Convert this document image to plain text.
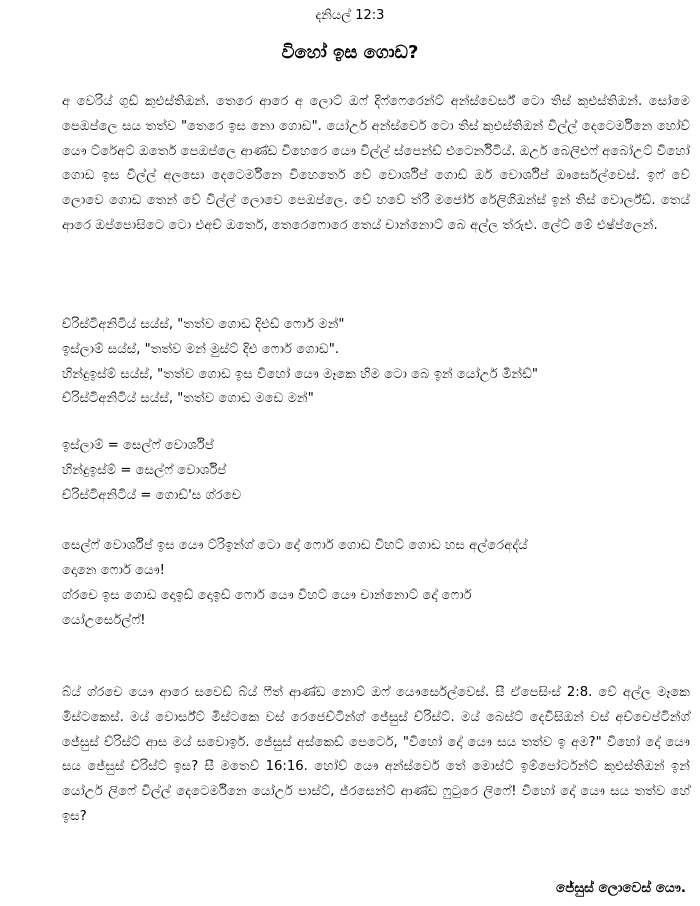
දනියල් 12:3
විහෝ ඉස ගොඩ?
අ වෙරිය් ගුඩ් කුඑස්තිඔන්. තෙරෙ ආරෙ අ ලොට් ඔෆ් දිෆ්ෆෙරෙන්ට් අන්ස්වෙර්ස් ටො තිස් කුඑස්තිඔන්. සෝමෙ පෙඔප්ලෙ සය තත්ව "තෙරෙ ඉස නො ගොඩ". යෝඋර් අන්ස්වෙර් ටො තිස් කුඑස්තිඔන් විල්ල් දෙටෙර්මිනෙ හෝව් යෞ ට්රේඅට් ඔතෙර් පෙඔප්ලෙ ආණ්ඩ විහෙරෙ යෞ විල්ල් ස්පෙන්ඩ් එටෙර්නිටිය්. ඔඋර් බෙලිඑෆ් අබෝඋට් විහෝ ගොඩ ඉස විල්ල් අලසො දෙටෙර්මිනෙ විහෙතෙර් වේ වොර්ශිප් ගොඩ් ඔර් වොර්ශිප් ඖර්සෙල්වෙස්. ඉෆ් වේ ලොවෙ ගොඩ තෙන් වේ විල්ල් ලොවෙ පෙඔප්ලෙ. වේ හවේ ත්රී මජෝර් රේලිගිඔන්ස් ඉන් තිස් වොර්ල්ඩ්. තෙය් ආරෙ ඔප්පොසිටෙ ටො එඅච් ඔතෙර්, තෙරෙෆොරෙ තෙය් චාන්නොට් බෙ අල්ල ත්රුඑ. ලේට් මේ එෂ්ප්ලෙන්.
ච්රිස්ටිඅනිටිය් සය්ස්, "තත්ව ගොඩ දිඑඩ් ෆොර් මන්"
ඉස්ලාම් සය්ස්, "තත්ව මන් මුස්ට් දිඑ ෆොර් ගොඩ".
හින්දුඉස්ම් සය්ස්, "තත්ව ගොඩ ඉස විහෝ යෞ මෑකෙ හිම ටො බෙ ඉන් යෝඋර් මින්ඩ්"
ච්රිස්ටිඅනිටිය් සය්ස්, "තත්ව ගොඩ මඩෙ මන්"
ඉස්ලාම් = සෙල්ෆ් වොර්ශිප්
හින්දුඉස්ම් = සෙල්ෆ් වොර්ශිප්
ච්රිස්ටිඅනිටිය් = ගොඩ්'ස ග්රචෙ
සෙල්ෆ් වොර්ශිප් ඉස යෞ ට්රිඉන්ග් ටො දෝ ෆොර් ගොඩ විහට් ගොඩ හස අල්රෙඅද්ය්
දොනෙ ෆොර් යෞ!
ග්රචෙ ඉස ගොඩ දොඉඩ් දොඉඩ් ෆොර් යෞ විහට් යෞ චාන්නොට් දෝ ෆොර්
යෝඋර්සෙල්ෆ්!
බ්ය් ග්රචෙ යෞ ආරෙ සවෙඩ් බ්ය් ෆීත් ආණ්ඩ නොට් ඔෆ් යෞර්සෙල්වෙස්. සී ඒපෙසිංස් 2:8. වේ අල්ල මෑකෙ මිස්ටකෙස්. මය් වොර්ස්ට් මිස්ටකෙ වස් රෙජෙච්ටින්ග් ජේසුස් ච්රිස්ට්. මය් බෙස්ට් දෙවිසිඔන් වස් අච්චෙප්ටින්ග් ජේසුස් ච්රිස්ට් ආස මය් සවොඉර්. ජේසුස් අස්කෙඩ් පෙටෙර්, "විහෝ දෝ යෞ සය තත්ව ඉ අම?" විහෝ දෝ යෞ සය ජේසුස් ච්රිස්ට් ඉස? සී මතෙව් 16:16. හෝව් යෞ අන්ස්වෙර් තේ මොස්ට් ඉම්පෝර්ටන්ට් කුඑස්තිඔන් ඉන් යෝඋර් ලිෆේ විල්ල් දෙටෙර්මිනෙ යෝඋර් පාස්ට්, ජ්රසෙන්ට් ආණ්ඩ ෆුටුරෙ ලිෆේ! විහෝ දෝ යෞ සය තත්ව හේ ඉස?
ජේසුස් ලොවෙස් යෞ.
